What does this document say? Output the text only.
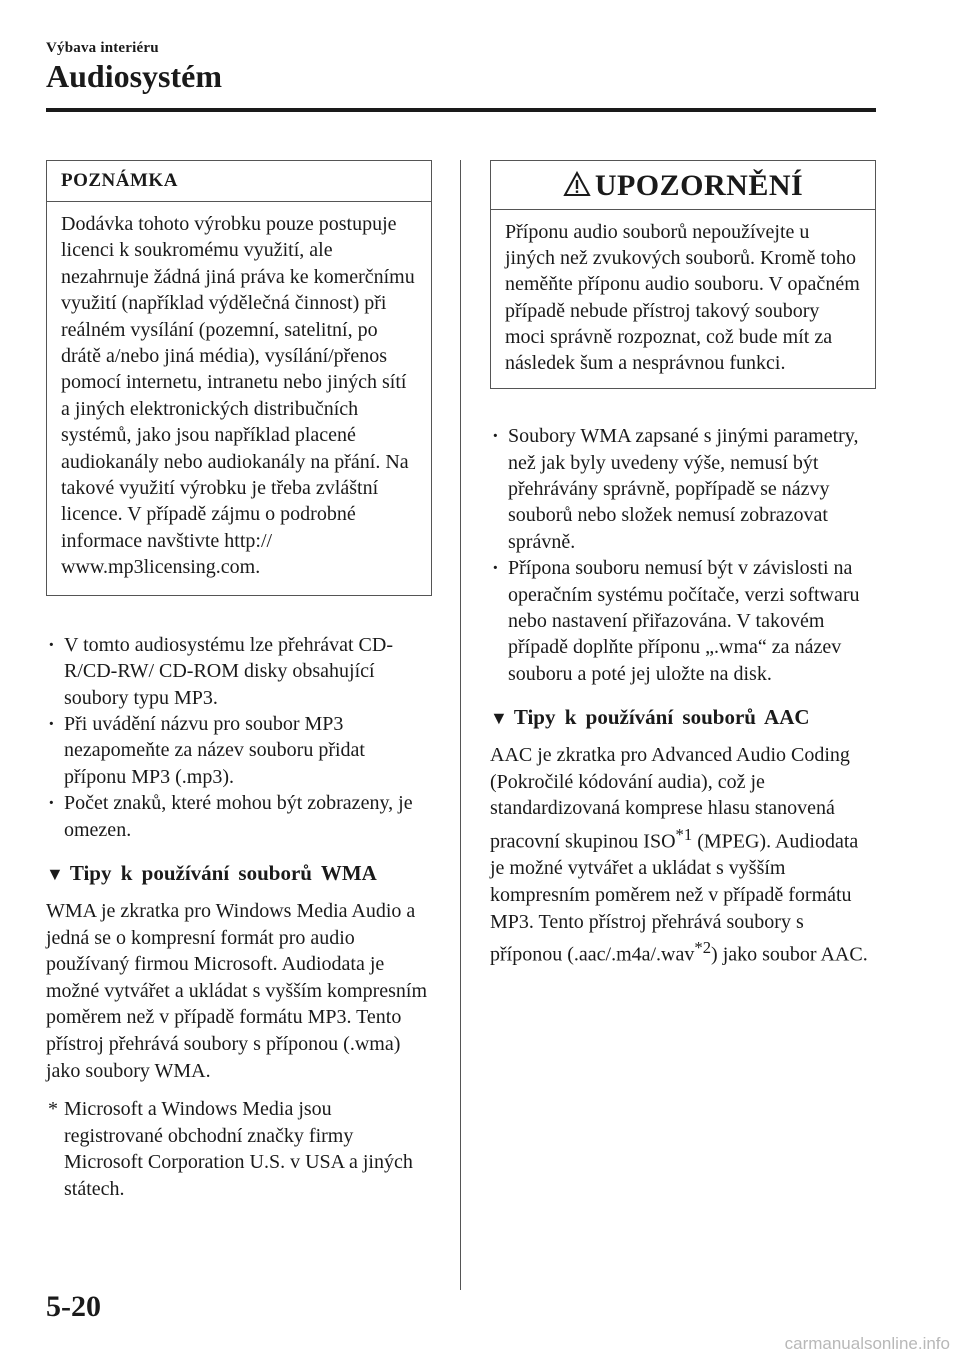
Výbava interiéru
Audiosystém
POZNÁMKA
Dodávka tohoto výrobku pouze postupuje licenci k soukromému využití, ale nezahrnuje žádná jiná práva ke komerčnímu využití (například výdělečná činnost) při reálném vysílání (pozemní, satelitní, po drátě a/nebo jiná média), vysílání/přenos pomocí internetu, intranetu nebo jiných sítí a jiných elektronických distribučních systémů, jako jsou například placené audiokanály nebo audiokanály na přání. Na takové využití výrobku je třeba zvláštní licence. V případě zájmu o podrobné informace navštivte http:// www.mp3licensing.com.
· V tomto audiosystému lze přehrávat CD-R/CD-RW/ CD-ROM disky obsahující soubory typu MP3.
· Při uvádění názvu pro soubor MP3 nezapomeňte za název souboru přidat příponu MP3 (.mp3).
· Počet znaků, které mohou být zobrazeny, je omezen.
▼ Tipy k používání souborů WMA

WMA je zkratka pro Windows Media Audio a jedná se o kompresní formát pro audio používaný firmou Microsoft. Audiodata je možné vytvářet a ukládat s vyšším kompresním poměrem než v případě formátu MP3. Tento přístroj přehrává soubory s příponou (.wma) jako soubory WMA.

* Microsoft a Windows Media jsou registrované obchodní značky firmy Microsoft Corporation U.S. v USA a jiných státech.
UPOZORNĚNÍ
Příponu audio souborů nepoužívejte u jiných než zvukových souborů. Kromě toho neměňte příponu audio souboru. V opačném případě nebude přístroj takový soubory moci správně rozpoznat, což bude mít za následek šum a nesprávnou funkci.
· Soubory WMA zapsané s jinými parametry, než jak byly uvedeny výše, nemusí být přehrávány správně, popřípadě se názvy souborů nebo složek nemusí zobrazovat správně.
· Přípona souboru nemusí být v závislosti na operačním systému počítače, verzi softwaru nebo nastavení přiřazována. V takovém případě doplňte příponu „.wma“ za název souboru a poté jej uložte na disk.
▼ Tipy k používání souborů AAC

AAC je zkratka pro Advanced Audio Coding (Pokročilé kódování audia), což je standardizovaná komprese hlasu stanovená pracovní skupinou ISO$^{*1}$ (MPEG). Audiodata je možné vytvářet a ukládat s vyšším kompresním poměrem než v případě formátu MP3. Tento přístroj přehrává soubory s příponou (.aac/.m4a/.wav$^{*2}$) jako soubor AAC.

5-20
carmanualsonline.info
